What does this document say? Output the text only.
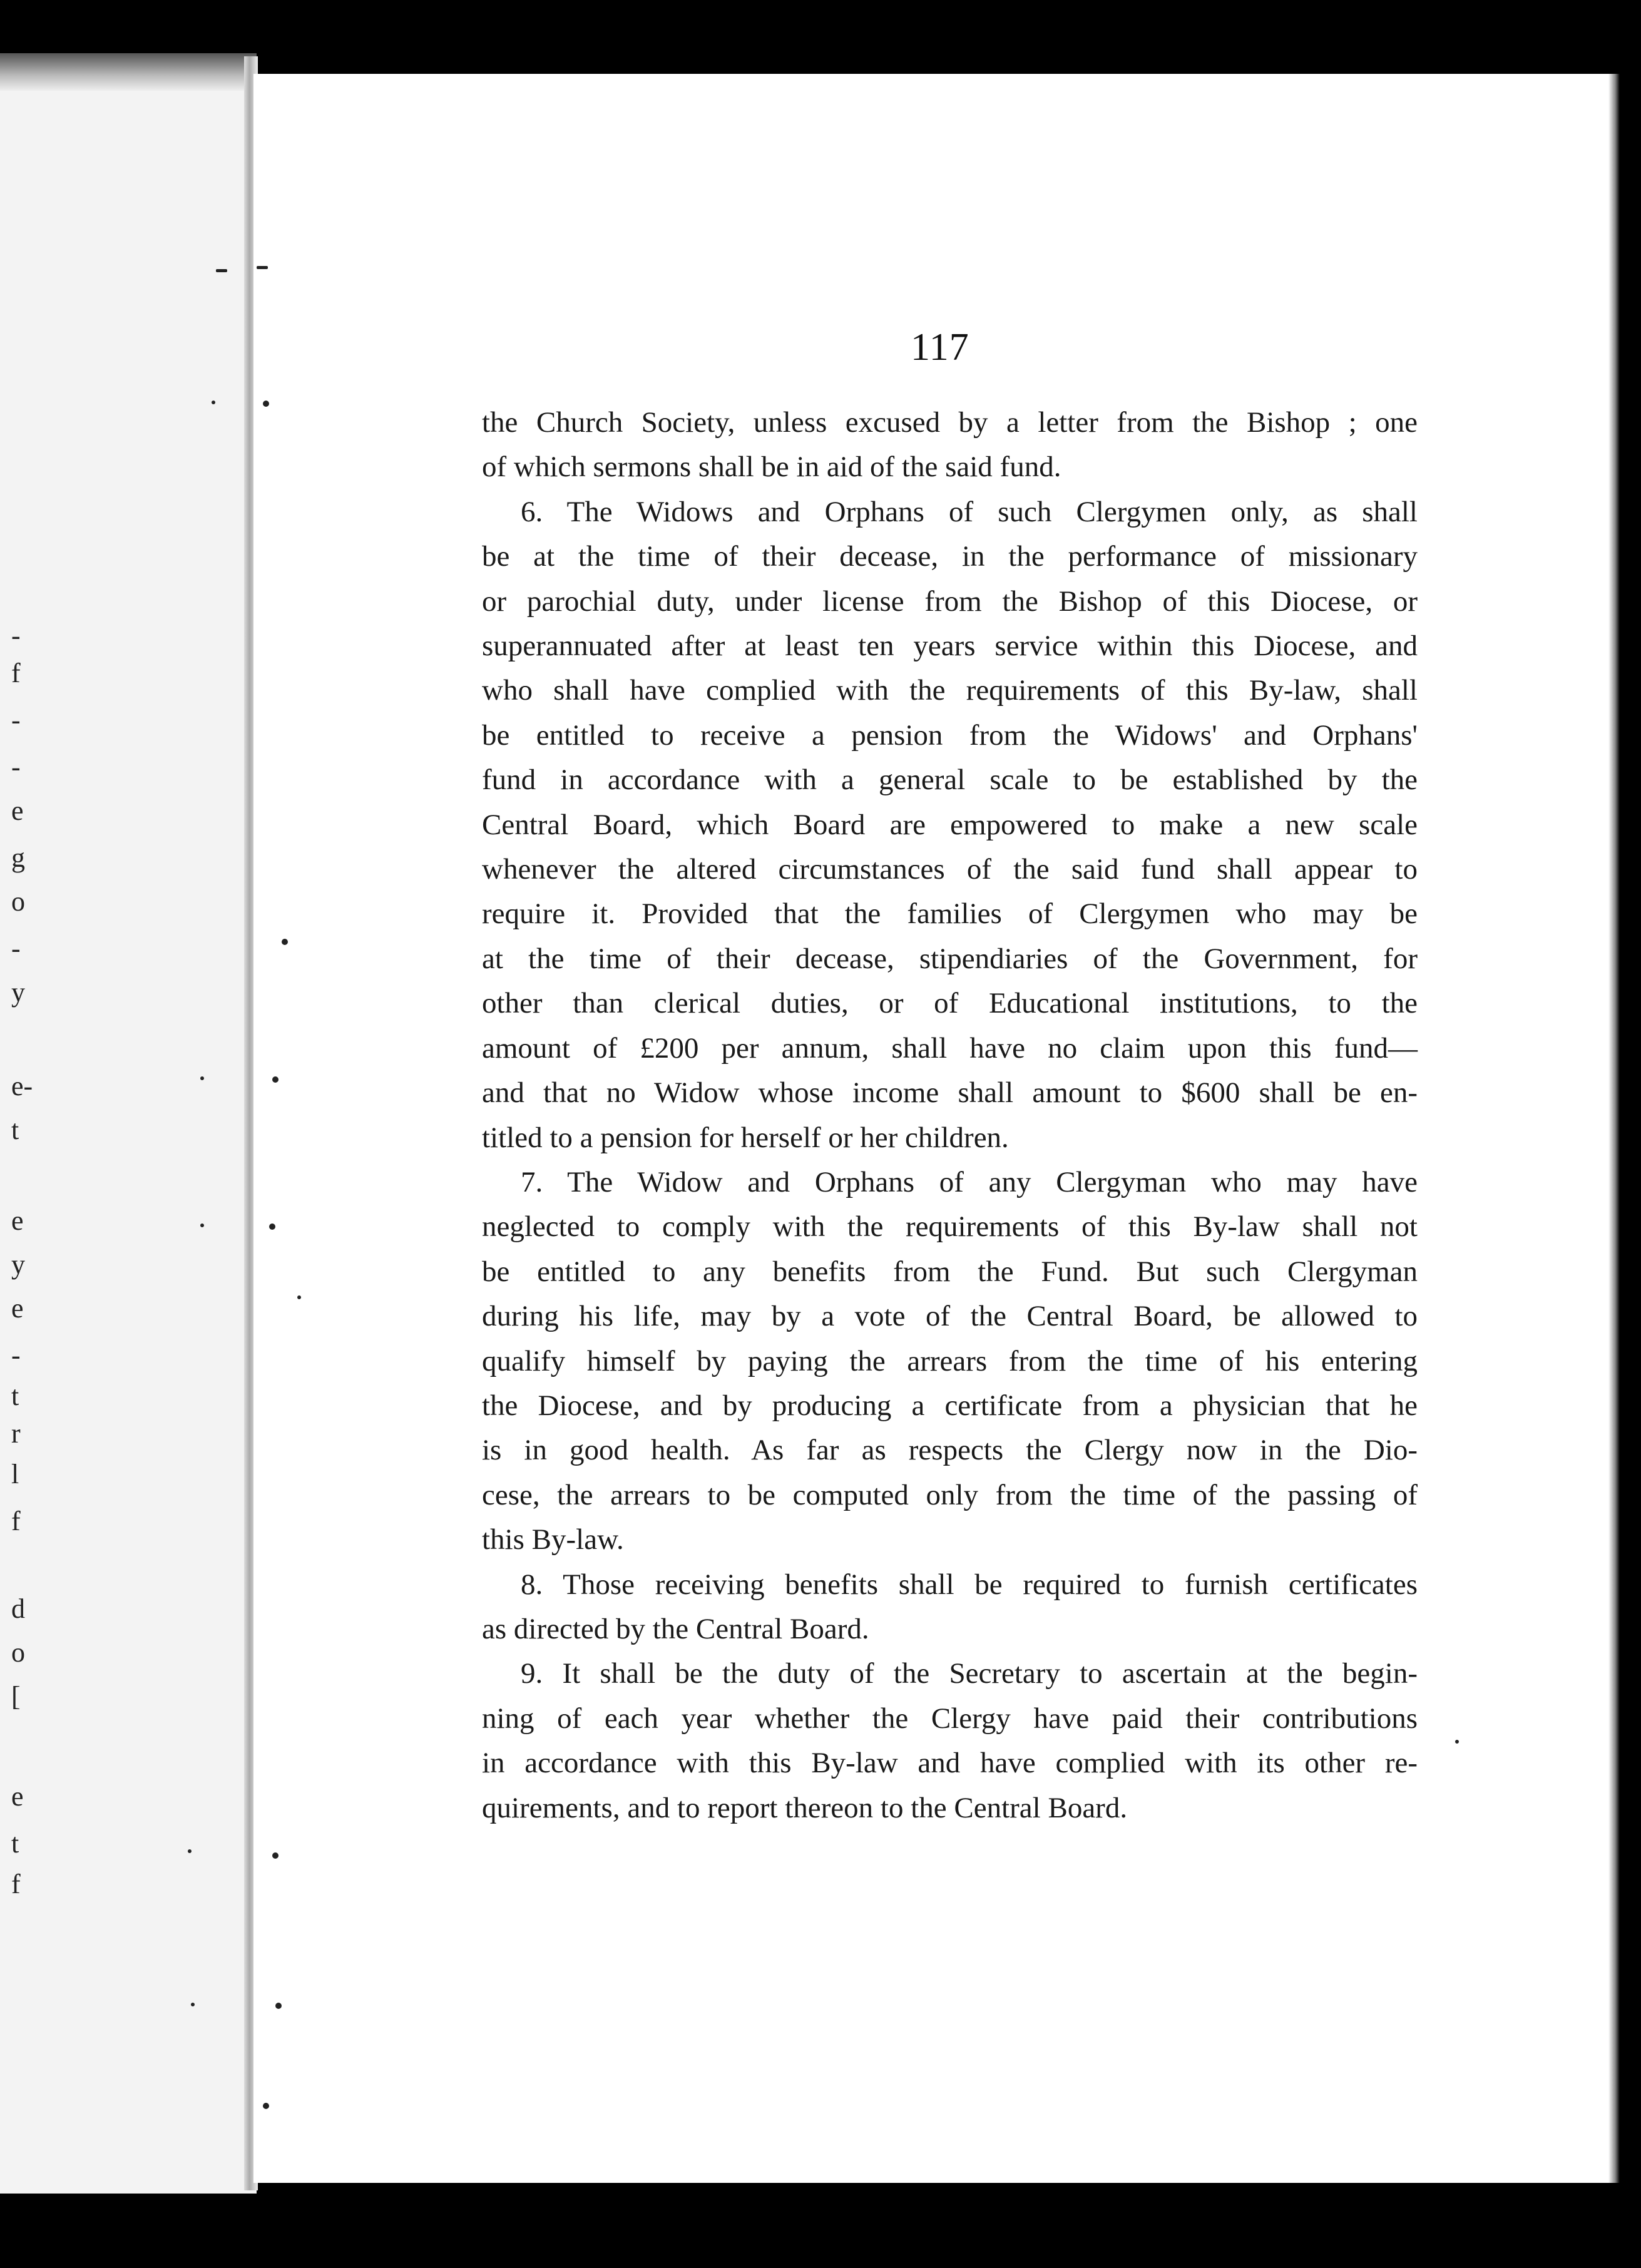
-
f
-
-
e
g
o
-
y
e-
t
e
y
e
-
t
r
l
f
d
o
[
e
t
f
117
the Church Society, unless excused by a letter from the Bishop ; one
of which sermons shall be in aid of the said fund.
6. The Widows and Orphans of such Clergymen only, as shall
be at the time of their decease, in the performance of missionary
or parochial duty, under license from the Bishop of this Diocese, or
superannuated after at least ten years service within this Diocese, and
who shall have complied with the requirements of this By-law, shall
be entitled to receive a pension from the Widows' and Orphans'
fund in accordance with a general scale to be established by the
Central Board, which Board are empowered to make a new scale
whenever the altered circumstances of the said fund shall appear to
require it. Provided that the families of Clergymen who may be
at the time of their decease, stipendiaries of the Government, for
other than clerical duties, or of Educational institutions, to the
amount of £200 per annum, shall have no claim upon this fund—
and that no Widow whose income shall amount to $600 shall be en-
titled to a pension for herself or her children.
7. The Widow and Orphans of any Clergyman who may have
neglected to comply with the requirements of this By-law shall not
be entitled to any benefits from the Fund. But such Clergyman
during his life, may by a vote of the Central Board, be allowed to
qualify himself by paying the arrears from the time of his entering
the Diocese, and by producing a certificate from a physician that he
is in good health. As far as respects the Clergy now in the Dio-
cese, the arrears to be computed only from the time of the passing of
this By-law.
8. Those receiving benefits shall be required to furnish certificates
as directed by the Central Board.
9. It shall be the duty of the Secretary to ascertain at the begin-
ning of each year whether the Clergy have paid their contributions
in accordance with this By-law and have complied with its other re-
quirements, and to report thereon to the Central Board.
